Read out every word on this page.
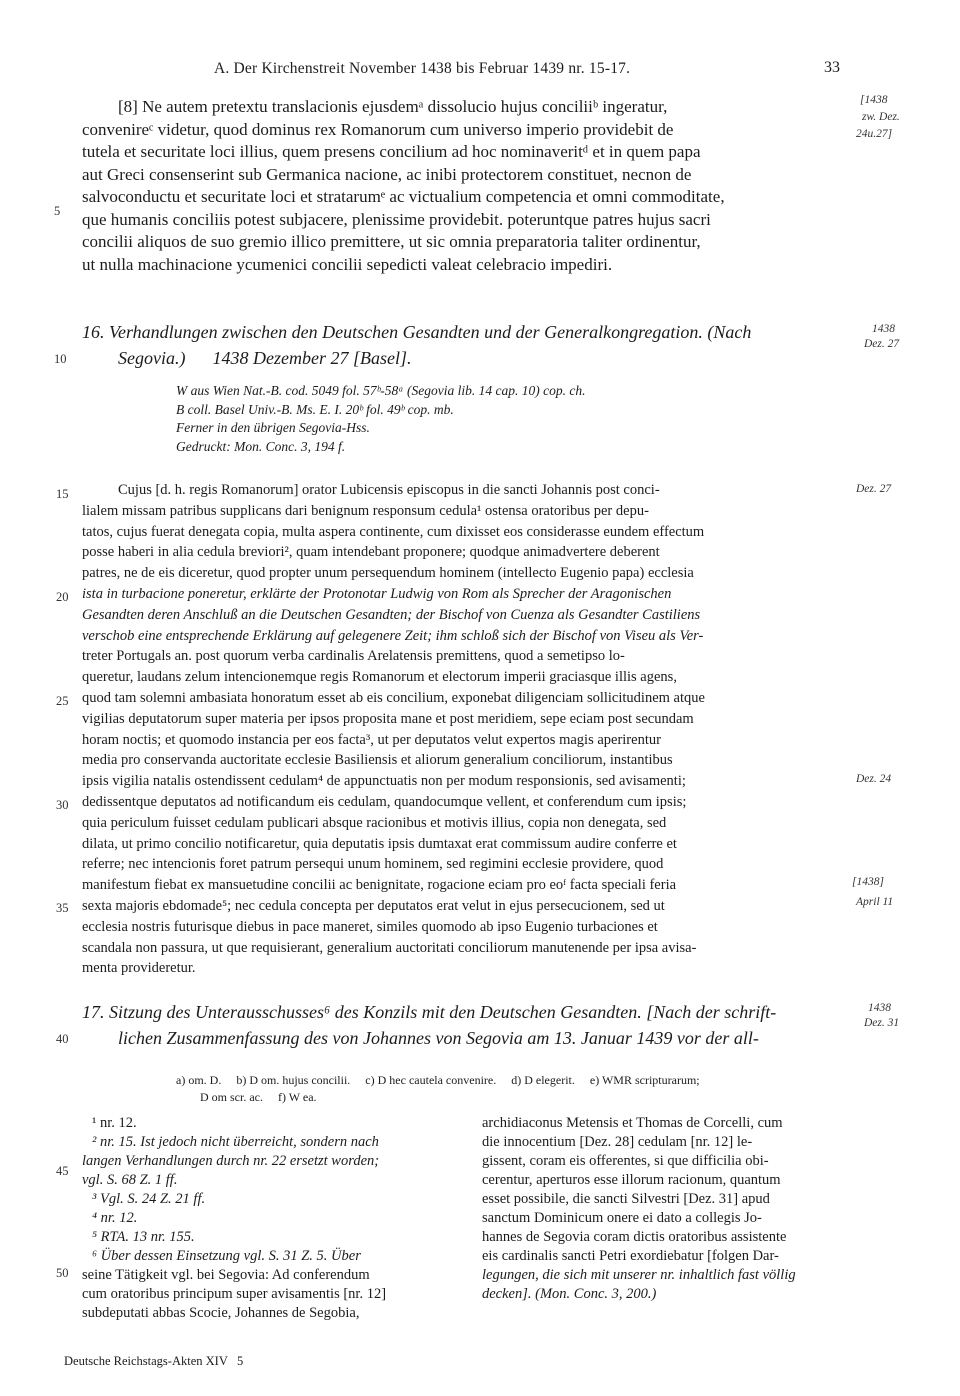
A. Der Kirchenstreit November 1438 bis Februar 1439 nr. 15-17.	33
[8] Ne autem pretextu translacionis ejusdemᵃ dissolucio hujus conciliiᵇ ingeratur,
convenireᶜ videtur, quod dominus rex Romanorum cum universo imperio providebit de
tutela et securitate loci illius, quem presens concilium ad hoc nominaveritᵈ et in quem papa
aut Greci consenserint sub Germanica nacione, ac inibi protectorem constituet, necnon de
salvoconductu et securitate loci et stratarumᵉ ac victualium competencia et omni commoditate,
que humanis conciliis potest subjacere, plenissime providebit. poteruntque patres hujus sacri
concilii aliquos de suo gremio illico premittere, ut sic omnia preparatoria taliter ordinentur,
ut nulla machinacione ycumenici concilii sepedicti valeat celebracio impediri.
[1438
zw. Dez.
24u.27]
5
16. Verhandlungen zwischen den Deutschen Gesandten und der Generalkongregation. (Nach
Segovia.)      1438 Dezember 27 [Basel].
1438
Dez. 27
10
W aus Wien Nat.-B. cod. 5049 fol. 57ᵇ-58ᵃ (Segovia lib. 14 cap. 10) cop. ch.
B coll. Basel Univ.-B. Ms. E. I. 20ᵇ fol. 49ᵇ cop. mb.
Ferner in den übrigen Segovia-Hss.
Gedruckt: Mon. Conc. 3, 194 f.
Cujus [d. h. regis Romanorum] orator Lubicensis episcopus in die sancti Johannis post conci-
lialem missam patribus supplicans dari benignum responsum cedula¹ ostensa oratoribus per depu-
tatos, cujus fuerat denegata copia, multa aspera continente, cum dixisset eos considerasse eundem effectum
posse haberi in alia cedula breviori², quam intendebant proponere; quodque animadvertere deberent
patres, ne de eis diceretur, quod propter unum persequendum hominem (intellecto Eugenio papa) ecclesia
ista in turbacione poneretur, erklärte der Protonotar Ludwig von Rom als Sprecher der Aragonischen
Gesandten deren Anschluß an die Deutschen Gesandten; der Bischof von Cuenza als Gesandter Castiliens
verschob eine entsprechende Erklärung auf gelegenere Zeit; ihm schloß sich der Bischof von Viseu als Ver-
treter Portugals an. post quorum verba cardinalis Arelatensis premittens, quod a semetipso lo-
queretur, laudans zelum intencionemque regis Romanorum et electorum imperii graciasque illis agens,
quod tam solemni ambasiata honoratum esset ab eis concilium, exponebat diligenciam sollicitudinem atque
vigilias deputatorum super materia per ipsos proposita mane et post meridiem, sepe eciam post secundam
horam noctis; et quomodo instancia per eos facta³, ut per deputatos velut expertos magis aperirentur
media pro conservanda auctoritate ecclesie Basiliensis et aliorum generalium conciliorum, instantibus
ipsis vigilia natalis ostendissent cedulam⁴ de appunctuatis non per modum responsionis, sed avisamenti;
dedissentque deputatos ad notificandum eis cedulam, quandocumque vellent, et conferendum cum ipsis;
quia periculum fuisset cedulam publicari absque racionibus et motivis illius, copia non denegata, sed
dilata, ut primo concilio notificaretur, quia deputatis ipsis dumtaxat erat commissum audire conferre et
referre; nec intencionis foret patrum persequi unum hominem, sed regimini ecclesie providere, quod
manifestum fiebat ex mansuetudine concilii ac benignitate, rogacione eciam pro eoᶠ facta speciali feria
sexta majoris ebdomade⁵; nec cedula concepta per deputatos erat velut in ejus persecucionem, sed ut
ecclesia nostris futurisque diebus in pace maneret, similes quomodo ab ipso Eugenio turbaciones et
scandala non passura, ut que requisierant, generalium auctoritati conciliorum manutenende per ipsa avisa-
menta provideretur.
Dez. 27
Dez. 24
[1438]
April 11
15
20
25
30
35
17. Sitzung des Unterausschusses⁶ des Konzils mit den Deutschen Gesandten. [Nach der schrift-
lichen Zusammenfassung des von Johannes von Segovia am 13. Januar 1439 vor der all-
1438
Dez. 31
40
a) om. D.     b) D om. hujus concilii.     c) D hec cautela convenire.     d) D elegerit.     e) WMR scripturarum;
D om scr. ac.     f) W ea.
¹ nr. 12.
² nr. 15. Ist jedoch nicht überreicht, sondern nach
langen Verhandlungen durch nr. 22 ersetzt worden;
vgl. S. 68 Z. 1 ff.
³ Vgl. S. 24 Z. 21 ff.
⁴ nr. 12.
⁵ RTA. 13 nr. 155.
⁶ Über dessen Einsetzung vgl. S. 31 Z. 5. Über
seine Tätigkeit vgl. bei Segovia: Ad conferendum
cum oratoribus principum super avisamentis [nr. 12]
subdeputati abbas Scocie, Johannes de Segobia,
archidiaconus Metensis et Thomas de Corcelli, cum
die innocentium [Dez. 28] cedulam [nr. 12] le-
gissent, coram eis offerentes, si que difficilia obi-
cerentur, aperturos esse illorum racionum, quantum
esset possibile, die sancti Silvestri [Dez. 31] apud
sanctum Dominicum onere ei dato a collegis Jo-
hannes de Segovia coram dictis oratoribus assistente
eis cardinalis sancti Petri exordiebatur [folgen Dar-
legungen, die sich mit unserer nr. inhaltlich fast völlig
decken]. (Mon. Conc. 3, 200.)
45
50
Deutsche Reichstags-Akten XIV   5
